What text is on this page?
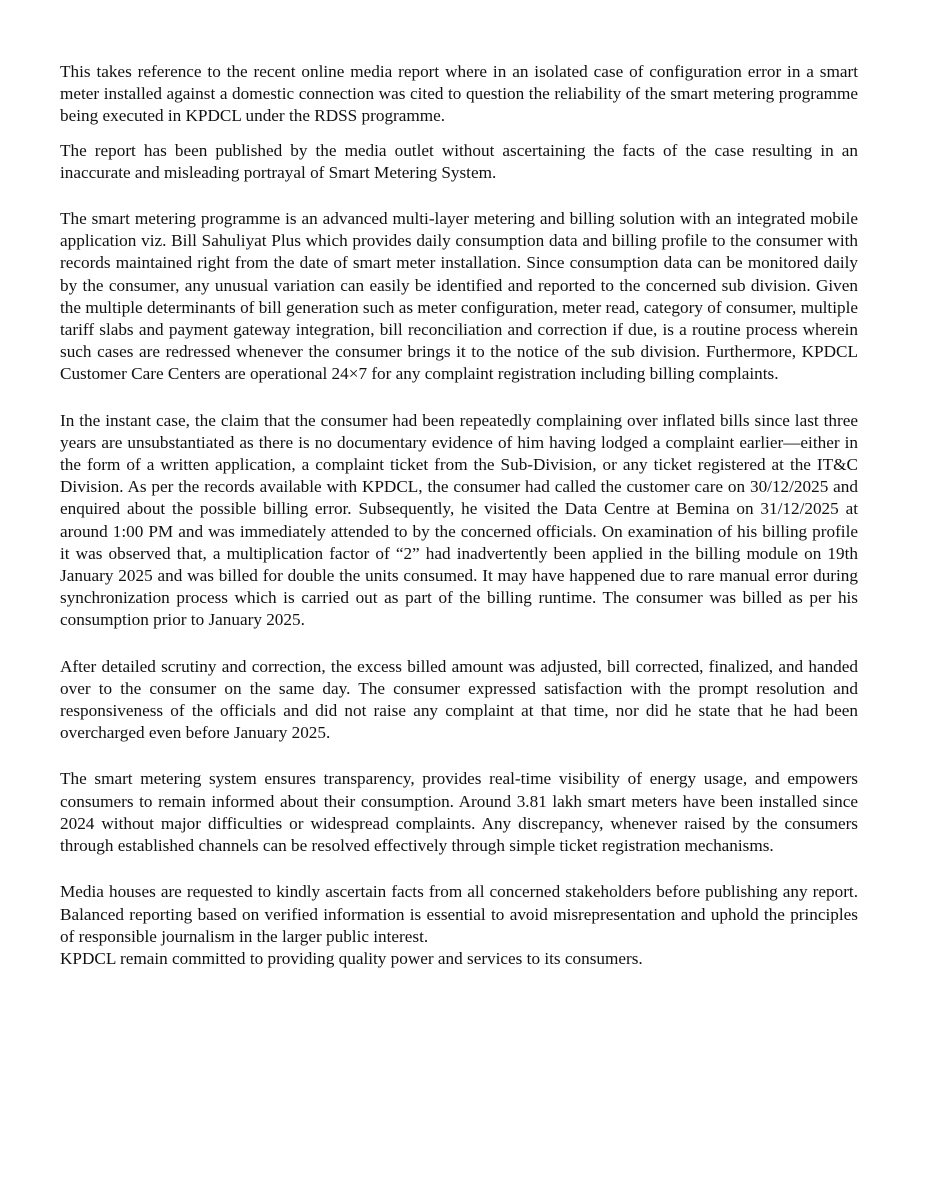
This takes reference to the recent online media report where in an isolated case of configuration error in a smart meter installed against a domestic connection was cited to question the reliability of the smart metering programme being executed in KPDCL under the RDSS programme.

The report has been published by the media outlet without ascertaining the facts of the case resulting in an inaccurate and misleading portrayal of Smart Metering System.

The smart metering programme is an advanced multi-layer metering and billing solution with an integrated mobile application viz. Bill Sahuliyat Plus which provides daily consumption data and billing profile to the consumer with records maintained right from the date of smart meter installation. Since consumption data can be monitored daily by the consumer, any unusual variation can easily be identified and reported to the concerned sub division. Given the multiple determinants of bill generation such as meter configuration, meter read, category of consumer, multiple tariff slabs and payment gateway integration, bill reconciliation and correction if due, is a routine process wherein such cases are redressed whenever the consumer brings it to the notice of the sub division. Furthermore, KPDCL Customer Care Centers are operational 24×7 for any complaint registration including billing complaints.

In the instant case, the claim that the consumer had been repeatedly complaining over inflated bills since last three years are unsubstantiated as there is no documentary evidence of him having lodged a complaint earlier—either in the form of a written application, a complaint ticket from the Sub-Division, or any ticket registered at the IT&C Division. As per the records available with KPDCL, the consumer had called the customer care on 30/12/2025 and enquired about the possible billing error. Subsequently, he visited the Data Centre at Bemina on 31/12/2025 at around 1:00 PM and was immediately attended to by the concerned officials. On examination of his billing profile it was observed that, a multiplication factor of “2” had inadvertently been applied in the billing module on 19th January 2025 and was billed for double the units consumed. It may have happened due to rare manual error during synchronization process which is carried out as part of the billing runtime. The consumer was billed as per his consumption prior to January 2025.

After detailed scrutiny and correction, the excess billed amount was adjusted, bill corrected, finalized, and handed over to the consumer on the same day. The consumer expressed satisfaction with the prompt resolution and responsiveness of the officials and did not raise any complaint at that time, nor did he state that he had been overcharged even before January 2025.

The smart metering system ensures transparency, provides real-time visibility of energy usage, and empowers consumers to remain informed about their consumption. Around 3.81 lakh smart meters have been installed since 2024 without major difficulties or widespread complaints. Any discrepancy, whenever raised by the consumers through established channels can be resolved effectively through simple ticket registration mechanisms.

Media houses are requested to kindly ascertain facts from all concerned stakeholders before publishing any report. Balanced reporting based on verified information is essential to avoid misrepresentation and uphold the principles of responsible journalism in the larger public interest.

KPDCL remain committed to providing quality power and services to its consumers.
